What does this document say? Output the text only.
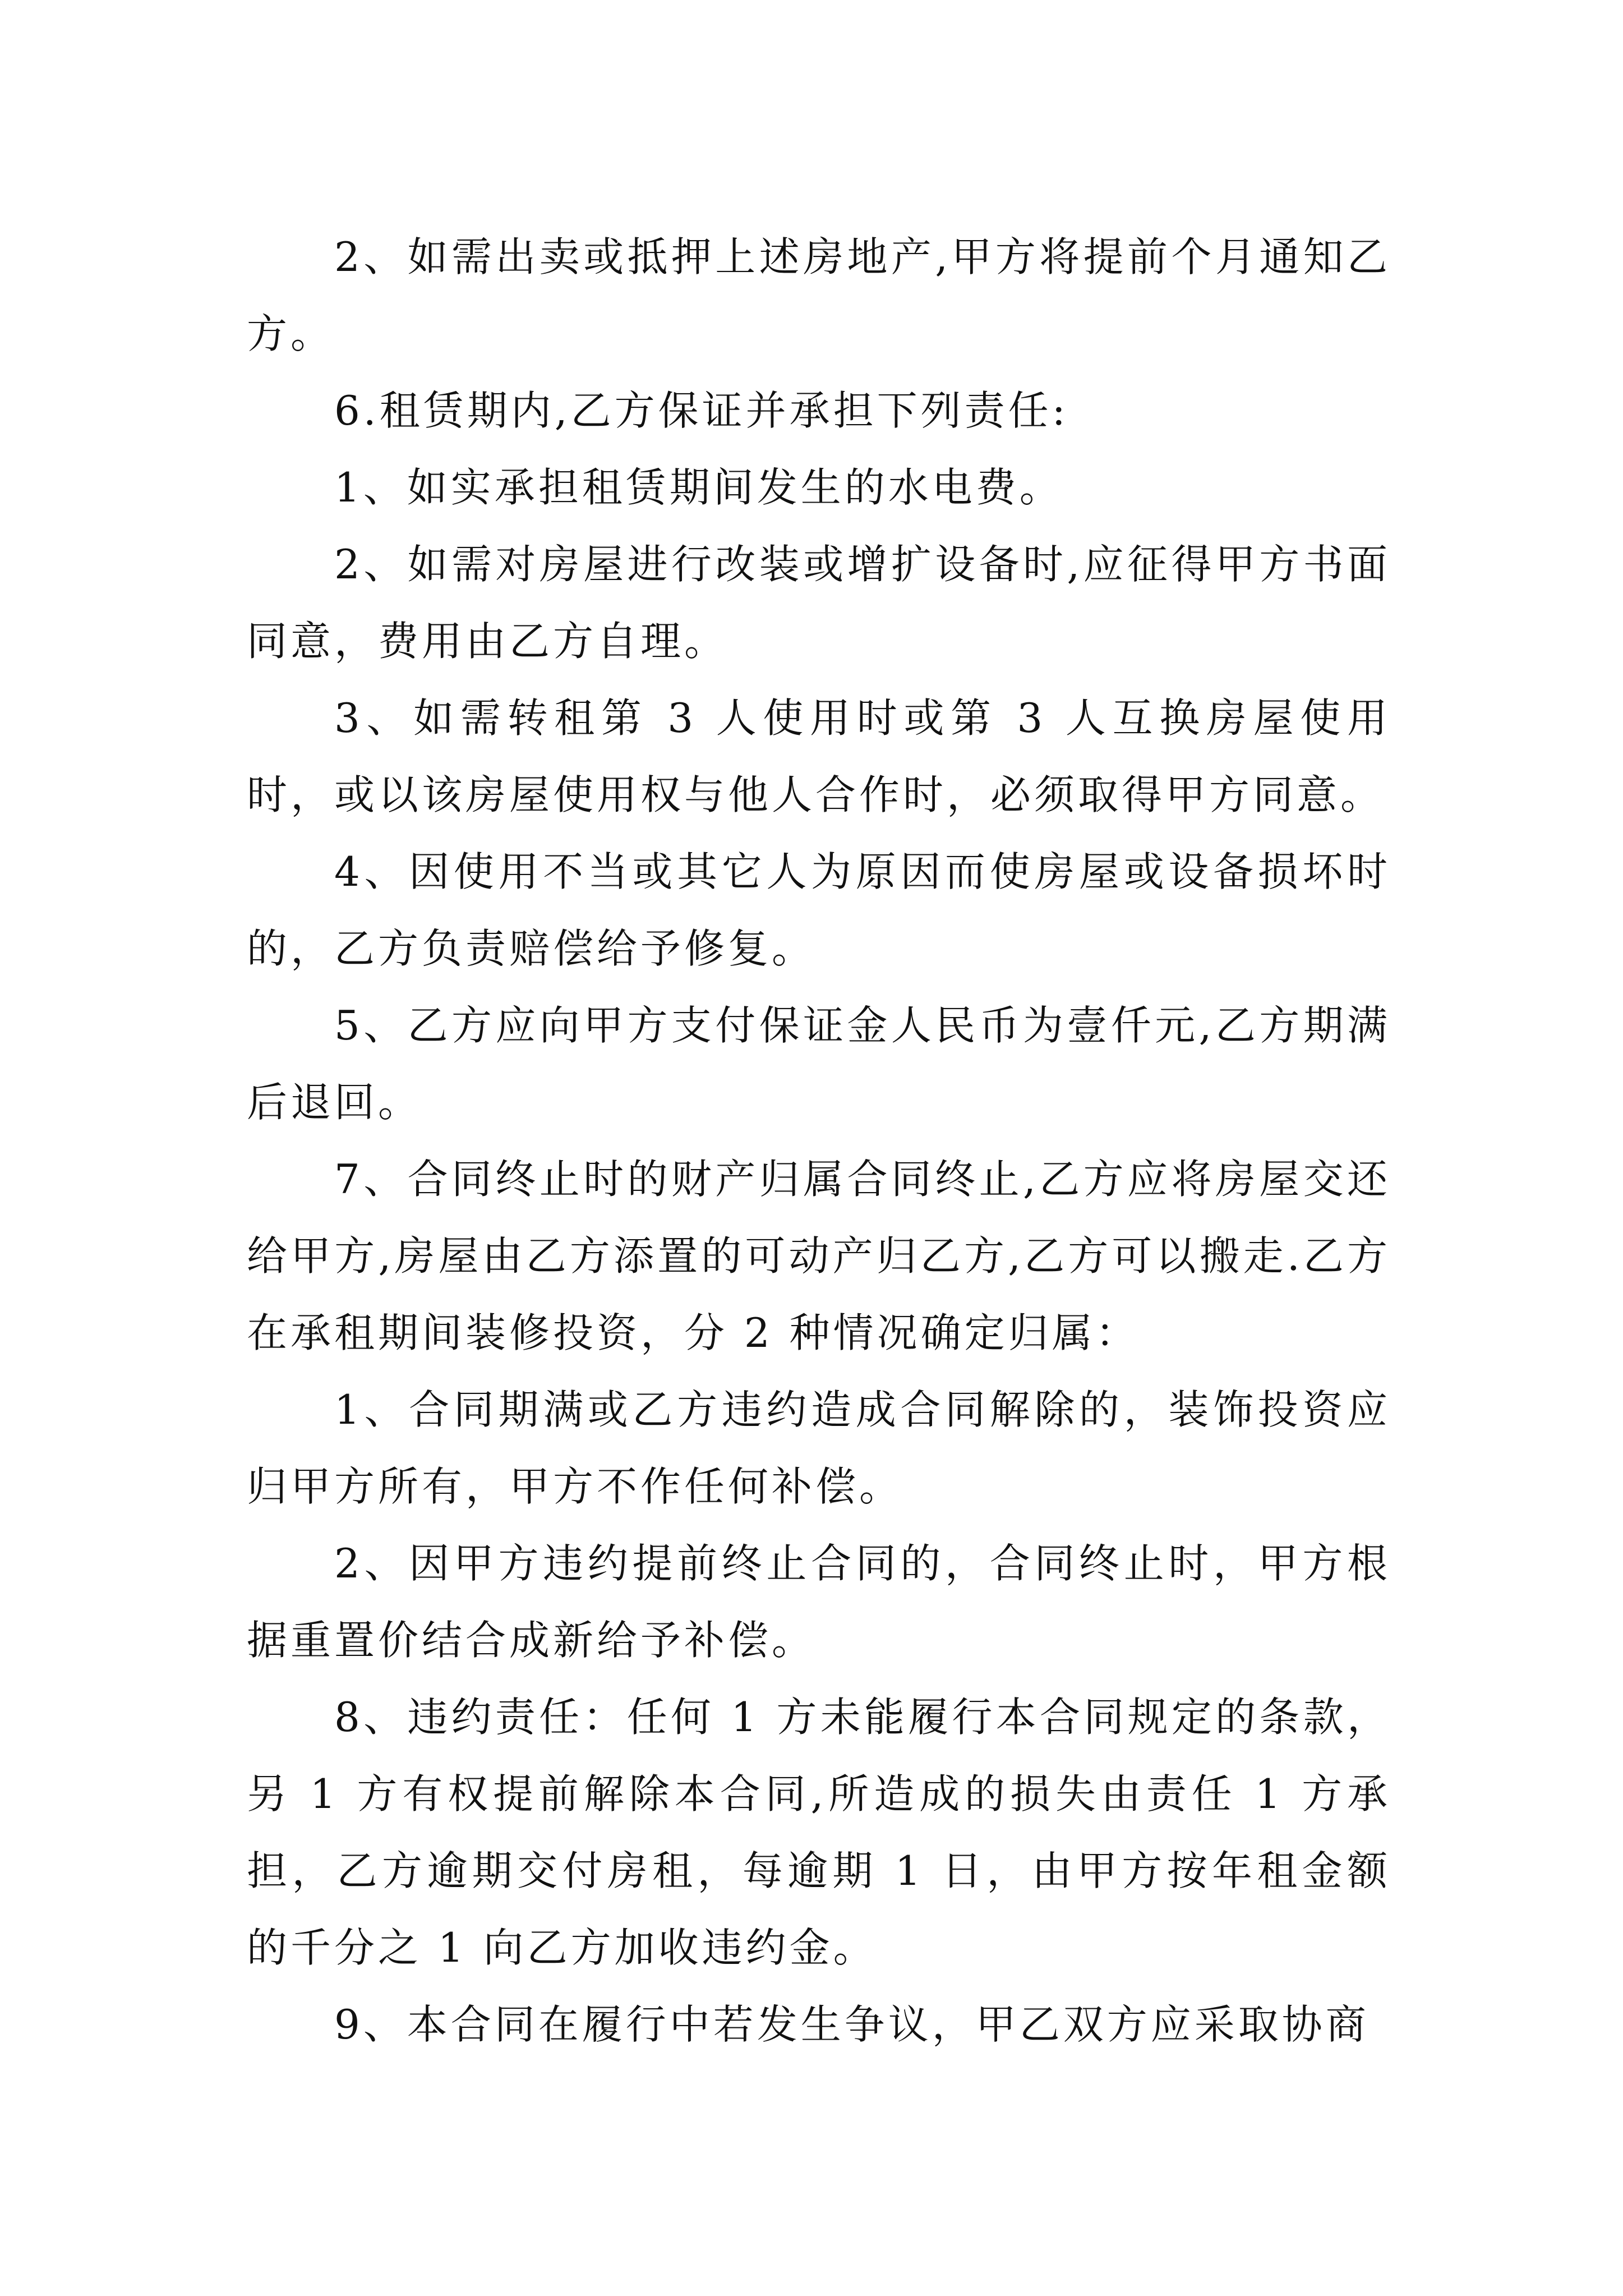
2、如需出卖或抵押上述房地产,甲方将提前个月通知乙方。

6.租赁期内,乙方保证并承担下列责任:

1、如实承担租赁期间发生的水电费。

2、如需对房屋进行改装或增扩设备时,应征得甲方书面同意，费用由乙方自理。

3、如需转租第 3 人使用时或第 3 人互换房屋使用时，或以该房屋使用权与他人合作时，必须取得甲方同意。

4、因使用不当或其它人为原因而使房屋或设备损坏时的，乙方负责赔偿给予修复。

5、乙方应向甲方支付保证金人民币为壹仟元,乙方期满后退回。

7、合同终止时的财产归属合同终止,乙方应将房屋交还给甲方,房屋由乙方添置的可动产归乙方,乙方可以搬走.乙方在承租期间装修投资，分 2 种情况确定归属：

1、合同期满或乙方违约造成合同解除的，装饰投资应归甲方所有，甲方不作任何补偿。

2、因甲方违约提前终止合同的，合同终止时，甲方根据重置价结合成新给予补偿。

8、违约责任：任何 1 方未能履行本合同规定的条款，另 1 方有权提前解除本合同,所造成的损失由责任 1 方承担，乙方逾期交付房租，每逾期 1 日，由甲方按年租金额的千分之 1 向乙方加收违约金。

9、本合同在履行中若发生争议，甲乙双方应采取协商
